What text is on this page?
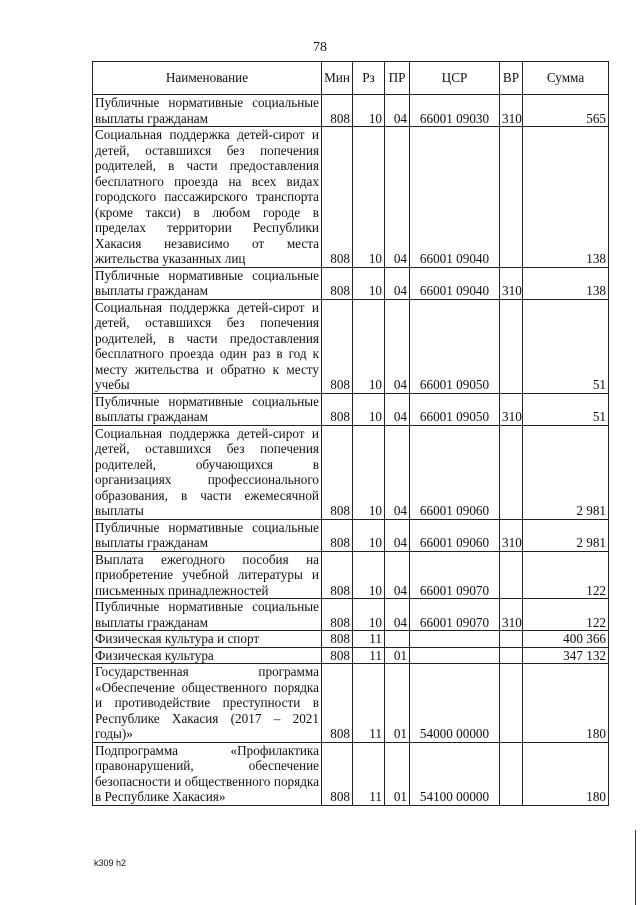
78
Наименование	Мин	Рз	ПР	ЦСР	ВР	Сумма
Публичные нормативные социальные выплаты гражданам	808	10	04	66001 09030	310	565
Социальная поддержка детей-сирот и детей, оставшихся без попечения родителей, в части предоставления бесплатного проезда на всех видах городского пассажирского транспорта (кроме такси) в любом городе в пределах территории Республики Хакасия независимо от места жительства указанных лиц	808	10	04	66001 09040		138
Публичные нормативные социальные выплаты гражданам	808	10	04	66001 09040	310	138
Социальная поддержка детей-сирот и детей, оставшихся без попечения родителей, в части предоставления бесплатного проезда один раз в год к месту жительства и обратно к месту учебы	808	10	04	66001 09050		51
Публичные нормативные социальные выплаты гражданам	808	10	04	66001 09050	310	51
Социальная поддержка детей-сирот и детей, оставшихся без попечения родителей, обучающихся в организациях профессионального образования, в части ежемесячной выплаты	808	10	04	66001 09060		2 981
Публичные нормативные социальные выплаты гражданам	808	10	04	66001 09060	310	2 981
Выплата ежегодного пособия на приобретение учебной литературы и письменных принадлежностей	808	10	04	66001 09070		122
Публичные нормативные социальные выплаты гражданам	808	10	04	66001 09070	310	122
Физическая культура и спорт	808	11				400 366
Физическая культура	808	11	01			347 132
Государственная программа «Обеспечение общественного порядка и противодействие преступности в Республике Хакасия (2017 – 2021 годы)»	808	11	01	54000 00000		180
Подпрограмма «Профилактика правонарушений, обеспечение безопасности и общественного порядка в Республике Хакасия»	808	11	01	54100 00000		180
k309 h2
